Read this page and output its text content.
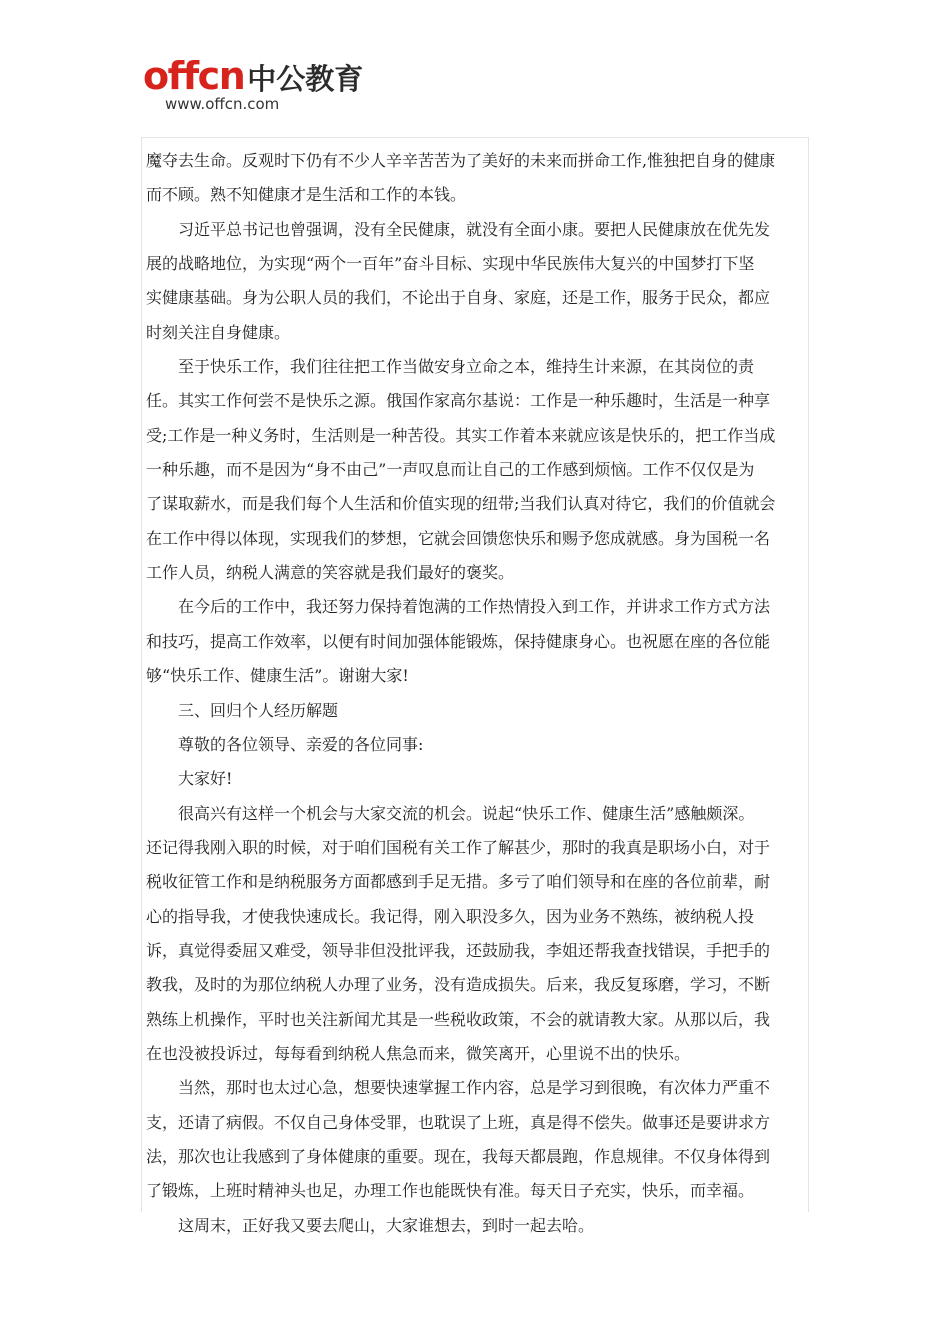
offcn 中公教育
www.offcn.com
魔夺去生命。反观时下仍有不少人辛辛苦苦为了美好的未来而拼命工作,惟独把自身的健康
而不顾。熟不知健康才是生活和工作的本钱。
习近平总书记也曾强调，没有全民健康，就没有全面小康。要把人民健康放在优先发
展的战略地位，为实现“两个一百年”奋斗目标、实现中华民族伟大复兴的中国梦打下坚
实健康基础。身为公职人员的我们，不论出于自身、家庭，还是工作，服务于民众，都应
时刻关注自身健康。
至于快乐工作，我们往往把工作当做安身立命之本，维持生计来源，在其岗位的责
任。其实工作何尝不是快乐之源。俄国作家高尔基说：工作是一种乐趣时，生活是一种享
受;工作是一种义务时，生活则是一种苦役。其实工作着本来就应该是快乐的，把工作当成
一种乐趣，而不是因为“身不由己”一声叹息而让自己的工作感到烦恼。工作不仅仅是为
了谋取薪水，而是我们每个人生活和价值实现的纽带;当我们认真对待它，我们的价值就会
在工作中得以体现，实现我们的梦想，它就会回馈您快乐和赐予您成就感。身为国税一名
工作人员，纳税人满意的笑容就是我们最好的褒奖。
在今后的工作中，我还努力保持着饱满的工作热情投入到工作，并讲求工作方式方法
和技巧，提高工作效率，以便有时间加强体能锻炼，保持健康身心。也祝愿在座的各位能
够“快乐工作、健康生活”。谢谢大家!
三、回归个人经历解题
尊敬的各位领导、亲爱的各位同事:
大家好!
很高兴有这样一个机会与大家交流的机会。说起“快乐工作、健康生活”感触颇深。
还记得我刚入职的时候，对于咱们国税有关工作了解甚少，那时的我真是职场小白，对于
税收征管工作和是纳税服务方面都感到手足无措。多亏了咱们领导和在座的各位前辈，耐
心的指导我，才使我快速成长。我记得，刚入职没多久，因为业务不熟练，被纳税人投
诉，真觉得委屈又难受，领导非但没批评我，还鼓励我，李姐还帮我查找错误，手把手的
教我，及时的为那位纳税人办理了业务，没有造成损失。后来，我反复琢磨，学习，不断
熟练上机操作，平时也关注新闻尤其是一些税收政策，不会的就请教大家。从那以后，我
在也没被投诉过，每每看到纳税人焦急而来，微笑离开，心里说不出的快乐。
当然，那时也太过心急，想要快速掌握工作内容，总是学习到很晚，有次体力严重不
支，还请了病假。不仅自己身体受罪，也耽误了上班，真是得不偿失。做事还是要讲求方
法，那次也让我感到了身体健康的重要。现在，我每天都晨跑，作息规律。不仅身体得到
了锻炼，上班时精神头也足，办理工作也能既快有准。每天日子充实，快乐，而幸福。
这周末，正好我又要去爬山，大家谁想去，到时一起去哈。
